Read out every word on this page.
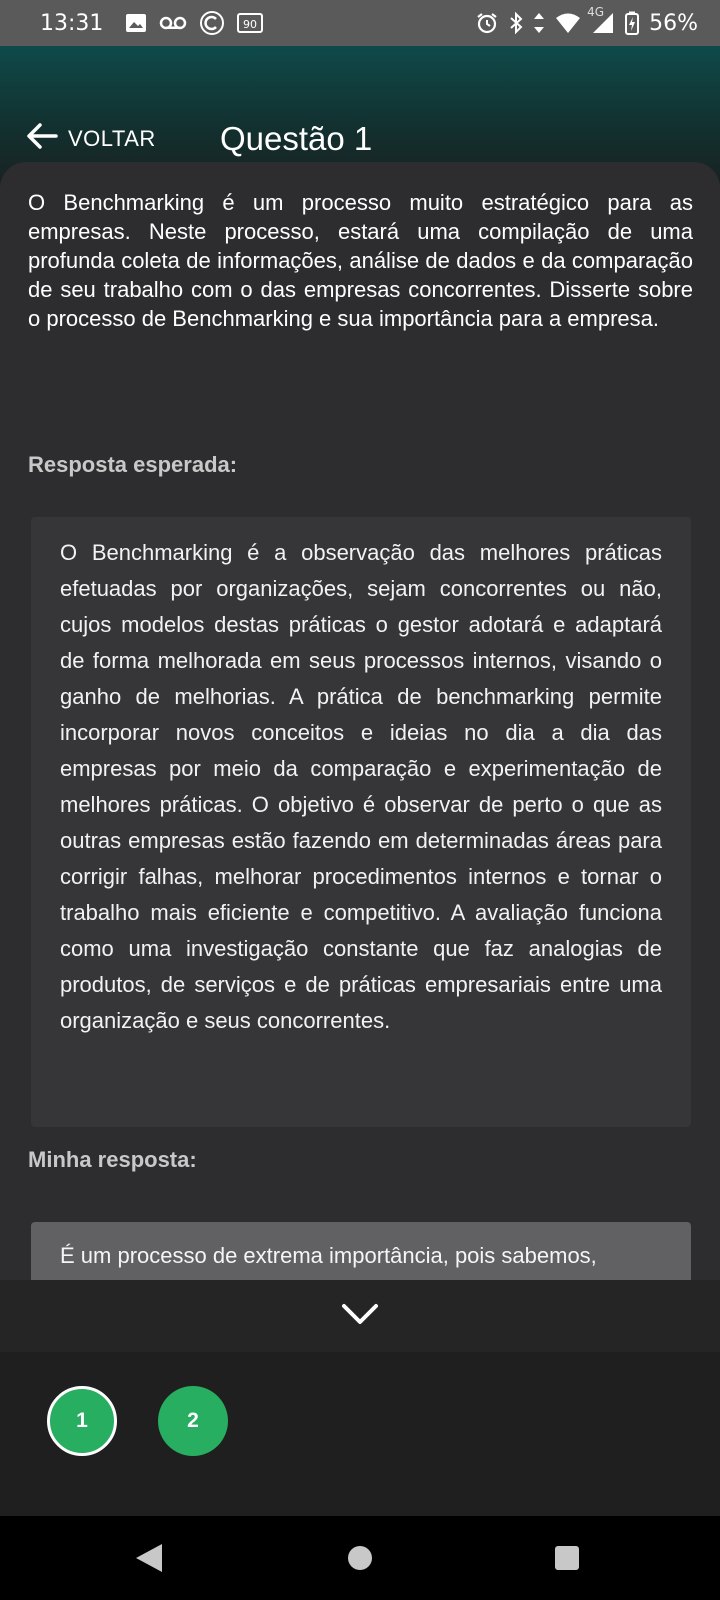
13:31	90
4G 56%
VOLTAR Questão 1
O Benchmarking é um processo muito estratégico para as empresas. Neste processo, estará uma compilação de uma profunda coleta de informações, análise de dados e da comparação de seu trabalho com o das empresas concorrentes. Disserte sobre o processo de Benchmarking e sua importância para a empresa.
Resposta esperada:
O Benchmarking é a observação das melhores práticas efetuadas por organizações, sejam concorrentes ou não, cujos modelos destas práticas o gestor adotará e adaptará de forma melhorada em seus processos internos, visando o ganho de melhorias. A prática de benchmarking permite incorporar novos conceitos e ideias no dia a dia das empresas por meio da comparação e experimentação de melhores práticas. O objetivo é observar de perto o que as outras empresas estão fazendo em determinadas áreas para corrigir falhas, melhorar procedimentos internos e tornar o trabalho mais eficiente e competitivo. A avaliação funciona como uma investigação constante que faz analogias de produtos, de serviços e de práticas empresariais entre uma organização e seus concorrentes.
Minha resposta:
É um processo de extrema importância, pois sabemos,
1	2
